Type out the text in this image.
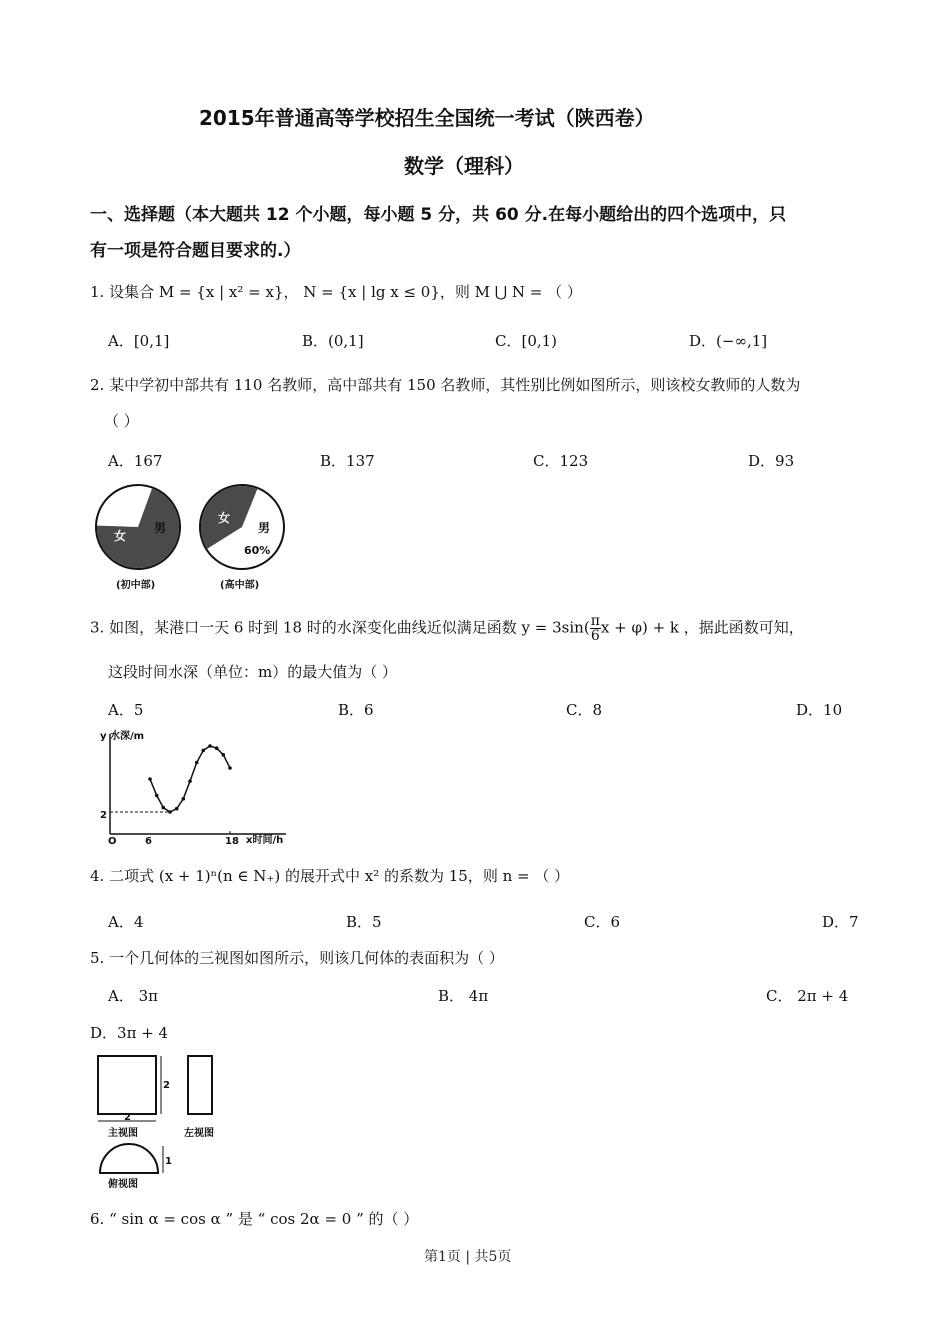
2015年普通高等学校招生全国统一考试（陕西卷）
数学（理科）
一、选择题（本大题共 12 个小题，每小题 5 分，共 60 分.在每小题给出的四个选项中，只
有一项是符合题目要求的.）
1. 设集合 M = {x | x² = x}， N = {x | lg x ≤ 0}，则 M ⋃ N = （ ）
A．[0,1]	B．(0,1]	C．[0,1)	D．(−∞,1]
2. 某中学初中部共有 110 名教师，高中部共有 150 名教师，其性别比例如图所示，则该校女教师的人数为
（ ）
A．167	B．137	C．123	D．93
70%
女
男
(初中部)
女
男
60%
(高中部)
3. 如图，某港口一天 6 时到 18 时的水深变化曲线近似满足函数 $y = 3\sin( \frac{\pi}{6}$ x + φ) + k ，据此函数可知，
这段时间水深（单位：m）的最大值为（ ）
A．5	B．6	C．8	D．10
y 水深/m
x时间/h
O	6	18
2
4. 二项式 (x + 1)ⁿ(n ∈ N₊) 的展开式中 x² 的系数为 15，则 n = （ ）
A．4	B．5	C．6	D．7
5. 一个几何体的三视图如图所示，则该几何体的表面积为（ ）
A． 3π	B． 4π	C． 2π + 4
D．3π + 4
2
2
主视图	左视图
1
俯视图
6. “ sin α = cos α ” 是 “ cos 2α = 0 ” 的（ ）
第1页 | 共5页
